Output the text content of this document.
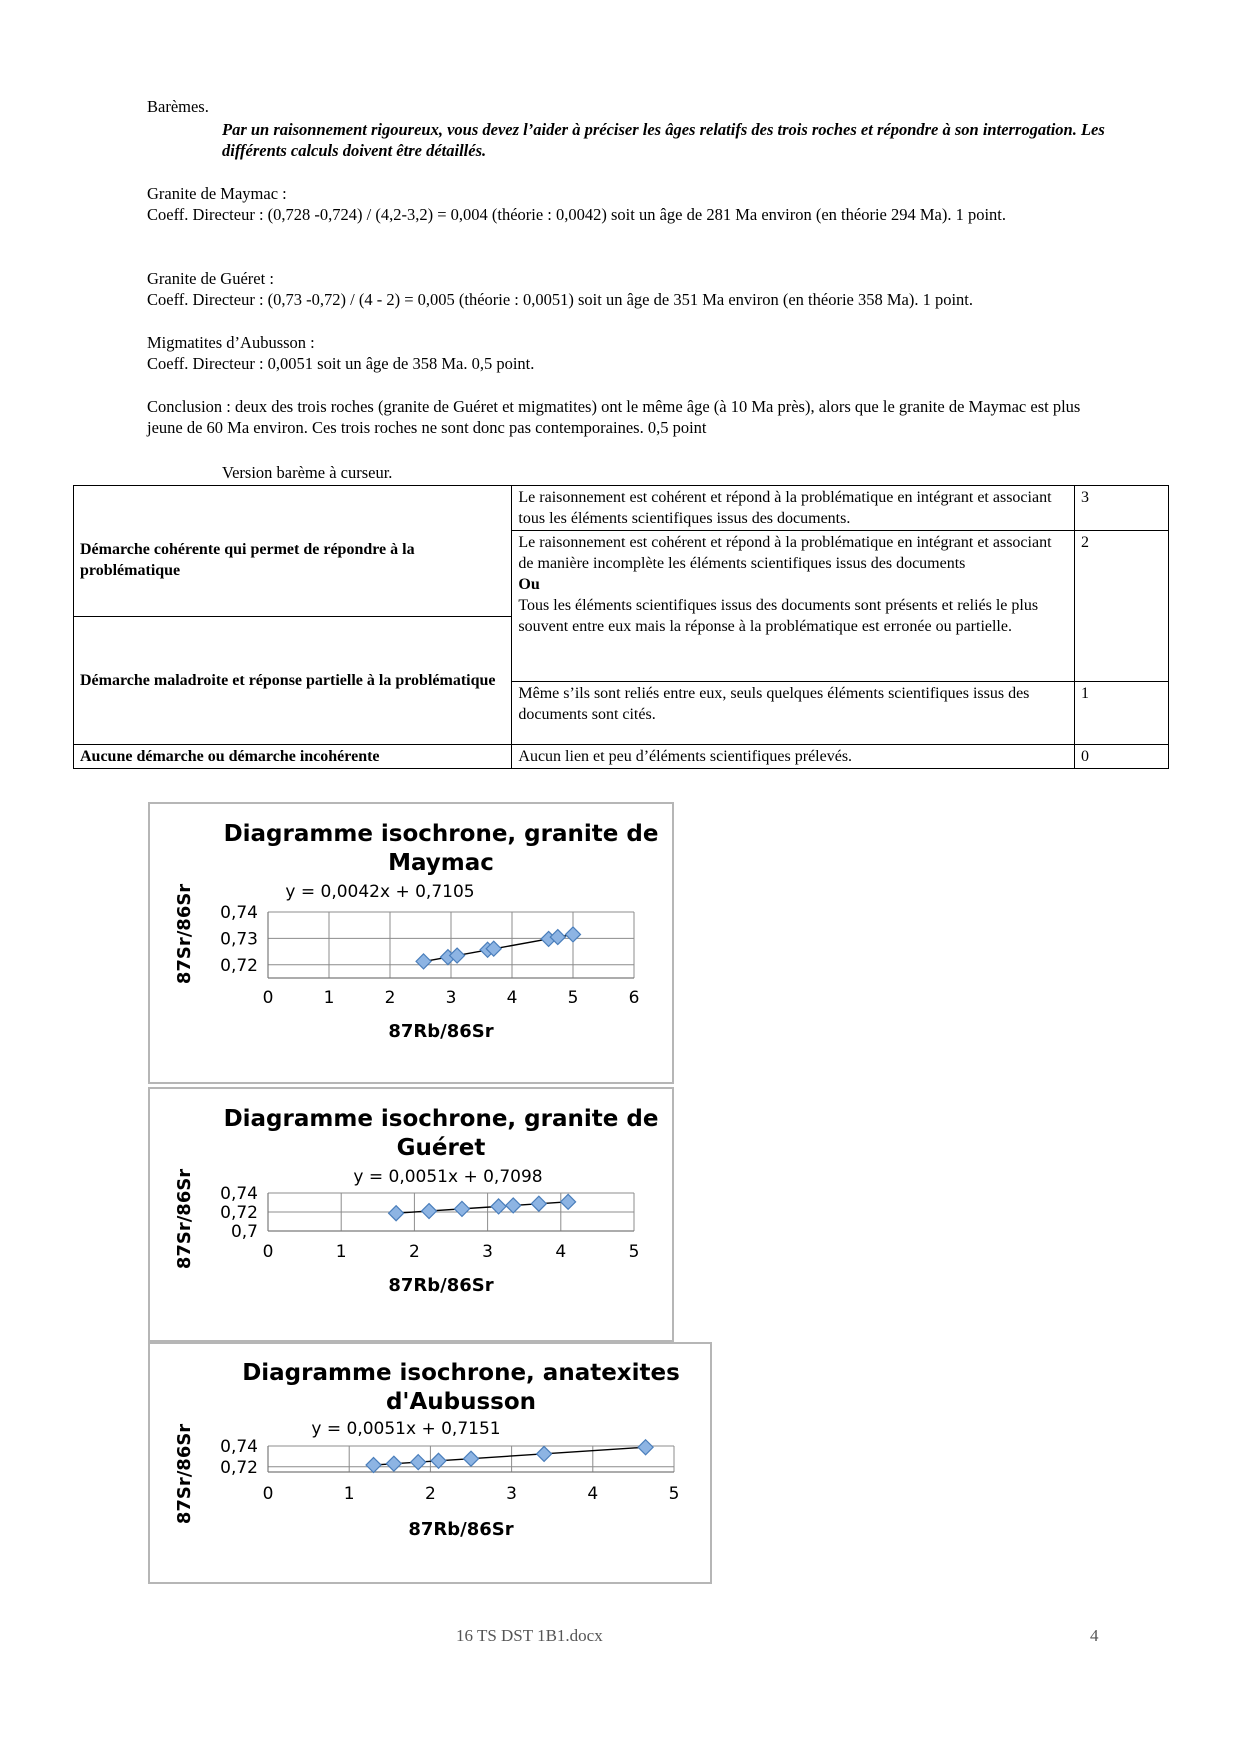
Barèmes.
Par un raisonnement rigoureux, vous devez l’aider à préciser les âges relatifs des trois roches et répondre à son interrogation. Les différents calculs doivent être détaillés.
Granite de Maymac :
Coeff. Directeur : (0,728 -0,724) / (4,2-3,2) = 0,004 (théorie : 0,0042) soit un âge de 281 Ma environ (en théorie 294 Ma). 1 point.
Granite de Guéret :
Coeff. Directeur : (0,73 -0,72) / (4 - 2) = 0,005 (théorie : 0,0051) soit un âge de 351 Ma environ (en théorie 358 Ma). 1 point.
Migmatites d’Aubusson :
Coeff. Directeur : 0,0051 soit un âge de 358 Ma. 0,5 point.
Conclusion : deux des trois roches (granite de Guéret et migmatites) ont le même âge (à 10 Ma près), alors que le granite de Maymac est plus jeune de 60 Ma environ. Ces trois roches ne sont donc pas contemporaines. 0,5 point
Version barème à curseur.
Démarche cohérente qui permet de répondre à la problématique	Le raisonnement est cohérent et répond à la problématique en intégrant et associant tous les éléments scientifiques issus des documents.	3

	Le raisonnement est cohérent et répond à la problématique en intégrant et associant de manière incomplète les éléments scientifiques issus des documents
Ou
Tous les éléments scientifiques issus des documents sont présents et reliés le plus souvent entre eux mais la réponse à la problématique est erronée ou partielle.	2
Démarche maladroite et réponse partielle à la problématique		
	Même s’ils sont reliés entre eux, seuls quelques éléments scientifiques issus des documents sont cités.	1
Aucune démarche ou démarche incohérente	Aucun lien et peu d’éléments scientifiques prélevés.	0
Diagramme isochrone, granite de
Maymac
y = 0,0042x + 0,7105
0,72
0,73
0,74
0	1	2	3	4	5	6
87Rb/86Sr
87Sr/86Sr
Diagramme isochrone, granite de
Guéret
y = 0,0051x + 0,7098
0,7
0,72
0,74
0	1	2	3	4	5
87Rb/86Sr
87Sr/86Sr
Diagramme isochrone, anatexites
d'Aubusson
y = 0,0051x + 0,7151
0,72
0,74
0	1	2	3	4	5
87Rb/86Sr
87Sr/86Sr
16 TS DST 1B1.docx	4
